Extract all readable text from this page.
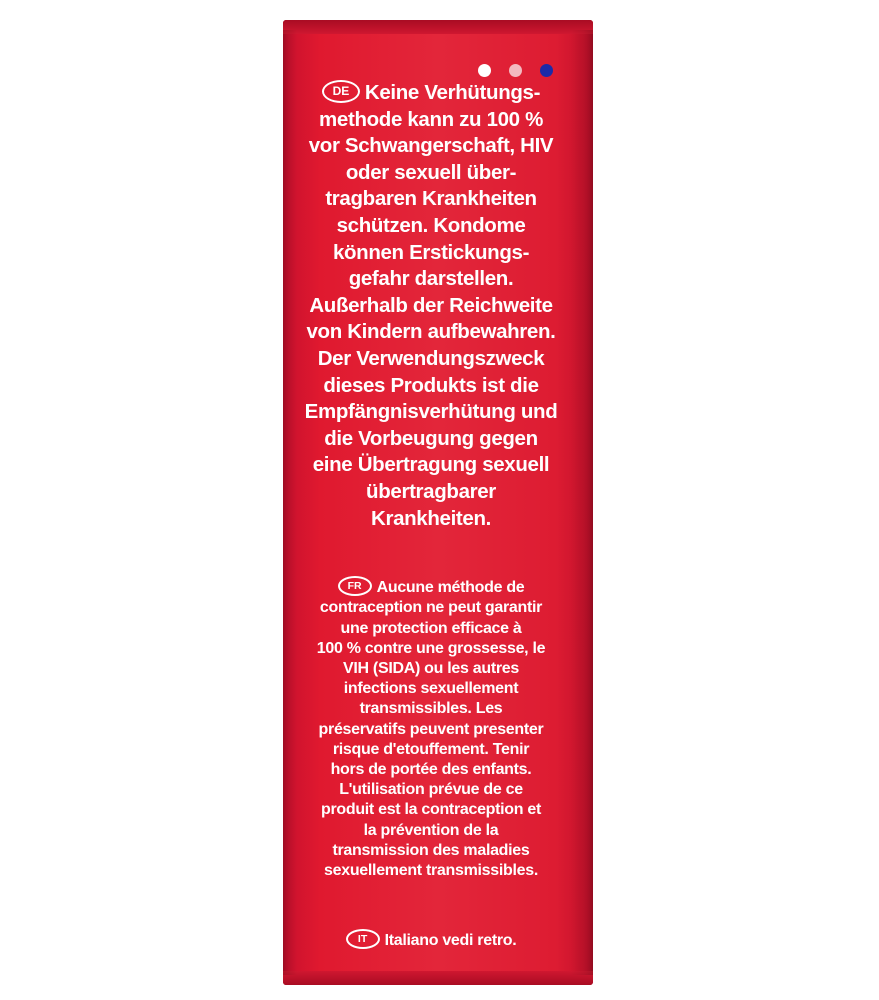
DE Keine Verhütungs-
methode kann zu 100 %
vor Schwangerschaft, HIV
oder sexuell über-
tragbaren Krankheiten
schützen. Kondome
können Erstickungs-
gefahr darstellen.
Außerhalb der Reichweite
von Kindern aufbewahren.
Der Verwendungszweck
dieses Produkts ist die
Empfängnisverhütung und
die Vorbeugung gegen
eine Übertragung sexuell
übertragbarer
Krankheiten.
FR Aucune méthode de
contraception ne peut garantir
une protection efficace à
100 % contre une grossesse, le
VIH (SIDA) ou les autres
infections sexuellement
transmissibles. Les
préservatifs peuvent presenter
risque d'etouffement. Tenir
hors de portée des enfants.
L'utilisation prévue de ce
produit est la contraception et
la prévention de la
transmission des maladies
sexuellement transmissibles.
IT Italiano vedi retro.
